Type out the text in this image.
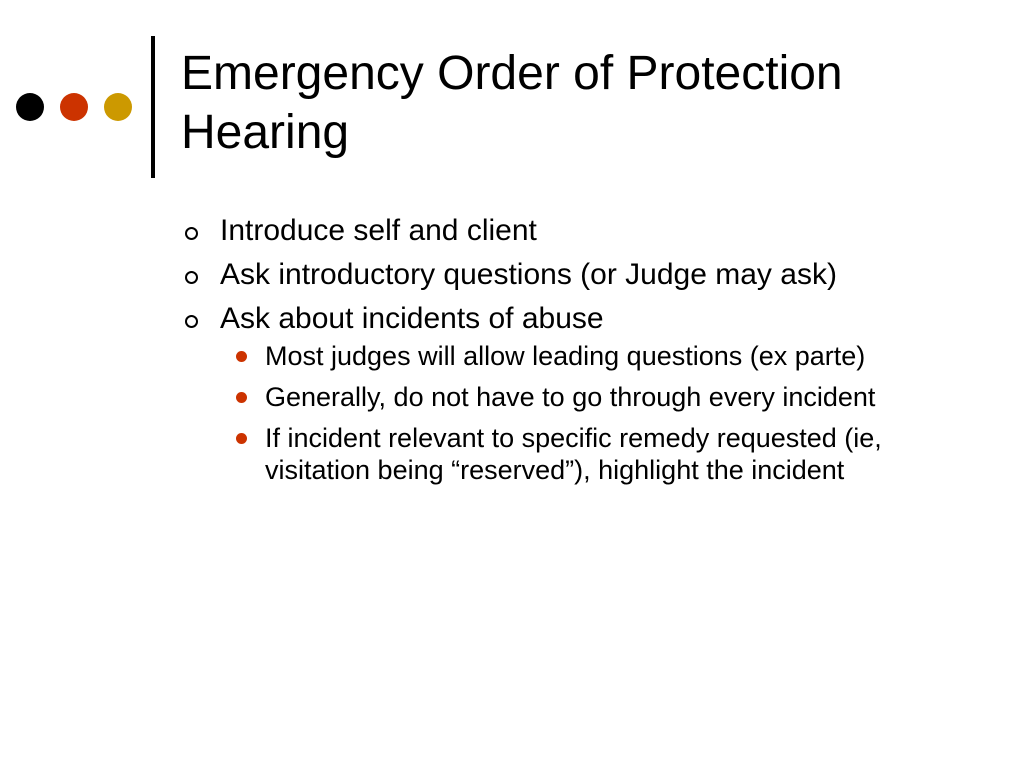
Emergency Order of Protection Hearing
Introduce self and client
Ask introductory questions (or Judge may ask)
Ask about incidents of abuse
Most judges will allow leading questions (ex parte)
Generally, do not have to go through every incident
If incident relevant to specific remedy requested (ie, visitation being “reserved”), highlight the incident
